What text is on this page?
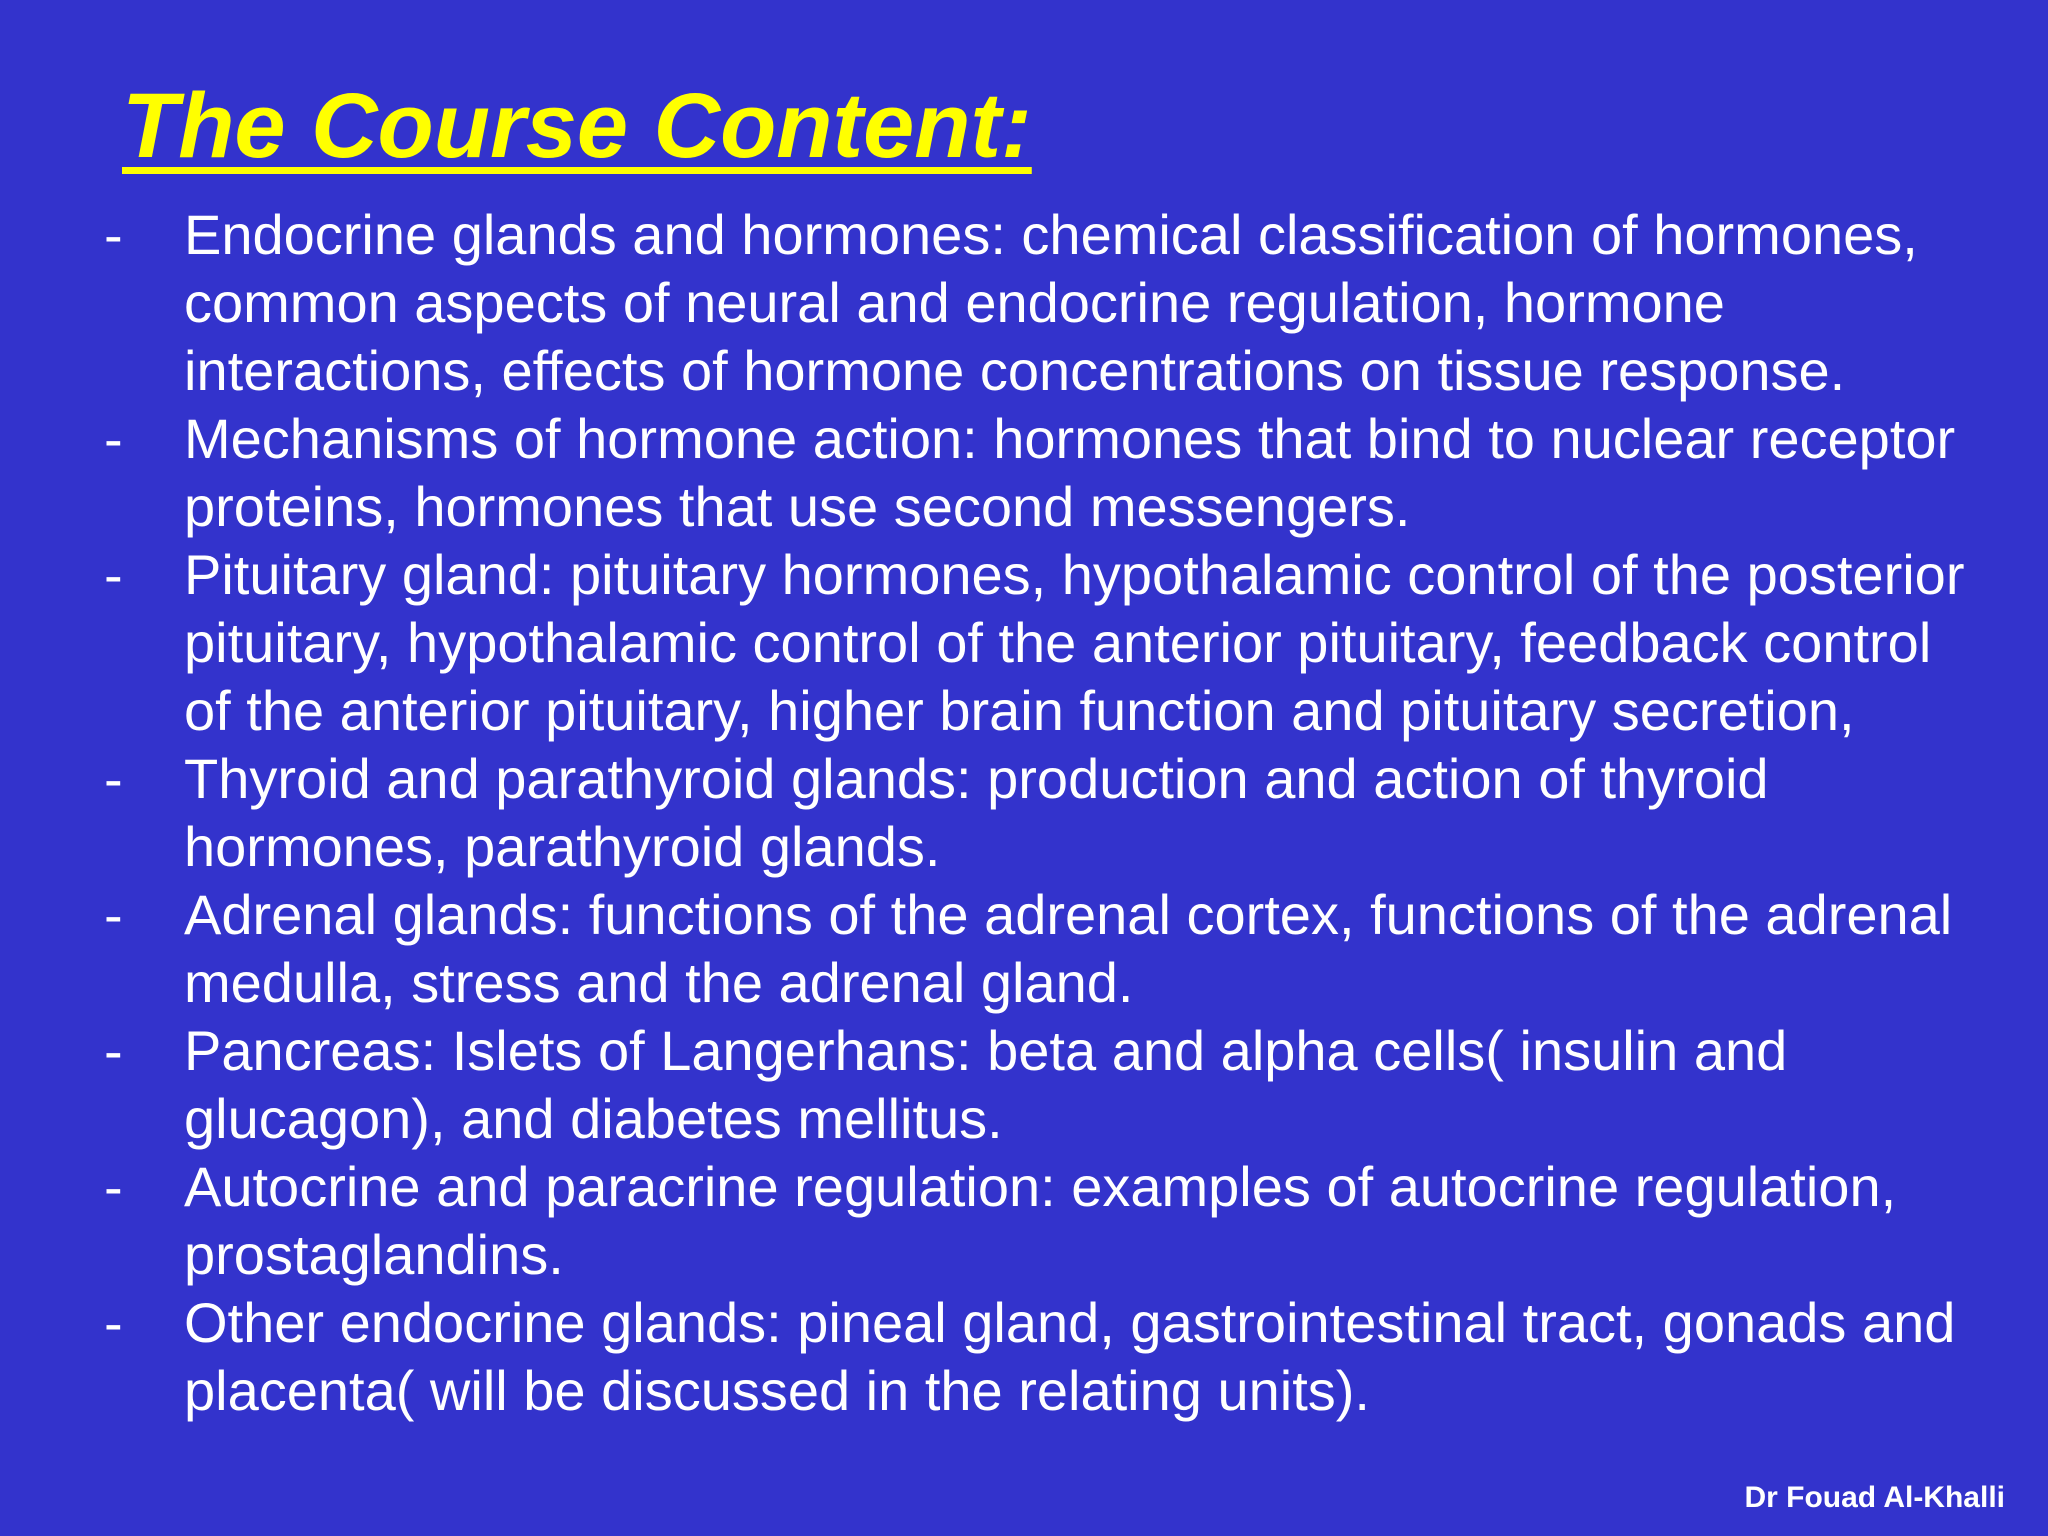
The Course Content:
-	Endocrine glands and hormones: chemical classification of hormones,
common aspects of neural and endocrine regulation, hormone
interactions, effects of hormone concentrations on tissue response.
-	Mechanisms of hormone action: hormones that bind to nuclear receptor
proteins, hormones that use second messengers.
-	Pituitary gland: pituitary hormones, hypothalamic control of the posterior
pituitary, hypothalamic control of the anterior pituitary, feedback control
of the anterior pituitary, higher brain function and pituitary secretion,
-	Thyroid and parathyroid glands: production and action of thyroid
hormones, parathyroid glands.
-	Adrenal glands: functions of the adrenal cortex, functions of the adrenal
medulla, stress and the adrenal gland.
-	Pancreas: Islets of Langerhans: beta and alpha cells( insulin and
glucagon), and diabetes mellitus.
-	Autocrine and paracrine regulation: examples of autocrine regulation,
prostaglandins.
-	Other endocrine glands: pineal gland, gastrointestinal tract, gonads and
placenta( will be discussed in the relating units).
Dr Fouad Al-Khalli
